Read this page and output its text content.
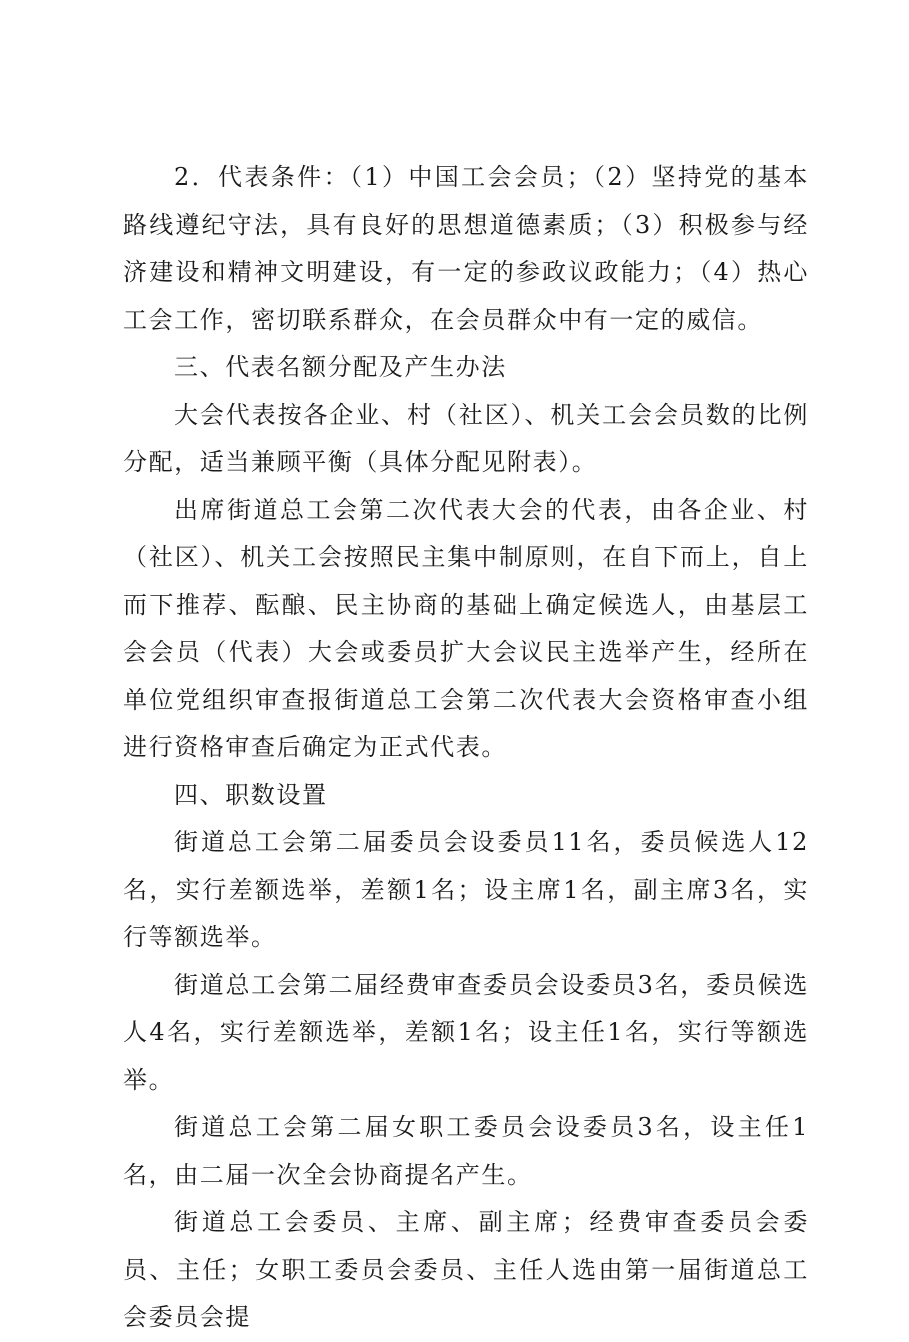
2．代表条件：（1）中国工会会员；（2）坚持党的基本路线遵纪守法，具有良好的思想道德素质；（3）积极参与经济建设和精神文明建设，有一定的参政议政能力；（4）热心工会工作，密切联系群众，在会员群众中有一定的威信。

三、代表名额分配及产生办法

大会代表按各企业、村（社区）、机关工会会员数的比例分配，适当兼顾平衡（具体分配见附表）。

出席街道总工会第二次代表大会的代表，由各企业、村（社区）、机关工会按照民主集中制原则，在自下而上，自上而下推荐、酝酿、民主协商的基础上确定候选人，由基层工会会员（代表）大会或委员扩大会议民主选举产生，经所在单位党组织审查报街道总工会第二次代表大会资格审查小组进行资格审查后确定为正式代表。

四、职数设置

街道总工会第二届委员会设委员11名，委员候选人12名，实行差额选举，差额1名；设主席1名，副主席3名，实行等额选举。

街道总工会第二届经费审查委员会设委员3名，委员候选人4名，实行差额选举，差额1名；设主任1名，实行等额选举。

街道总工会第二届女职工委员会设委员3名，设主任1名，由二届一次全会协商提名产生。

街道总工会委员、主席、副主席；经费审查委员会委员、主任；女职工委员会委员、主任人选由第一届街道总工会委员会提
